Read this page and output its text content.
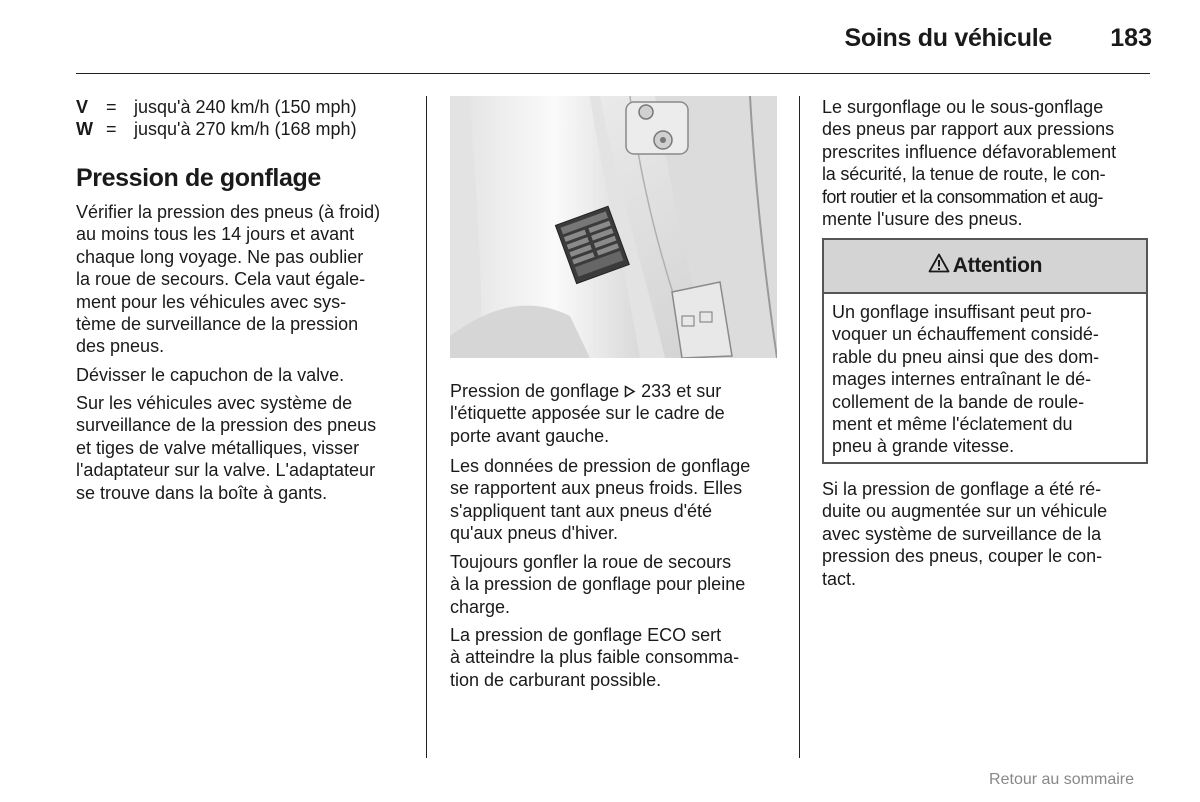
Soins du véhicule 183
V = jusqu'à 240 km/h (150 mph)
W = jusqu'à 270 km/h (168 mph)
Pression de gonflage
Vérifier la pression des pneus (à froid)
au moins tous les 14 jours et avant
chaque long voyage. Ne pas oublier
la roue de secours. Cela vaut égale-
ment pour les véhicules avec sys-
tème de surveillance de la pression
des pneus.
Dévisser le capuchon de la valve.
Sur les véhicules avec système de
surveillance de la pression des pneus
et tiges de valve métalliques, visser
l'adaptateur sur la valve. L'adaptateur
se trouve dans la boîte à gants.
Pression de gonflage  233 et sur
l'étiquette apposée sur le cadre de
porte avant gauche.
Les données de pression de gonflage
se rapportent aux pneus froids. Elles
s'appliquent tant aux pneus d'été
qu'aux pneus d'hiver.
Toujours gonfler la roue de secours
à la pression de gonflage pour pleine
charge.
La pression de gonflage ECO sert
à atteindre la plus faible consomma-
tion de carburant possible.
Le surgonflage ou le sous-gonflage
des pneus par rapport aux pressions
prescrites influence défavorablement
la sécurité, la tenue de route, le con-
fort routier et la consommation et aug-
mente l'usure des pneus.
Attention
Un gonflage insuffisant peut pro-
voquer un échauffement considé-
rable du pneu ainsi que des dom-
mages internes entraînant le dé-
collement de la bande de roule-
ment et même l'éclatement du
pneu à grande vitesse.
Si la pression de gonflage a été ré-
duite ou augmentée sur un véhicule
avec système de surveillance de la
pression des pneus, couper le con-
tact.
Retour au sommaire
